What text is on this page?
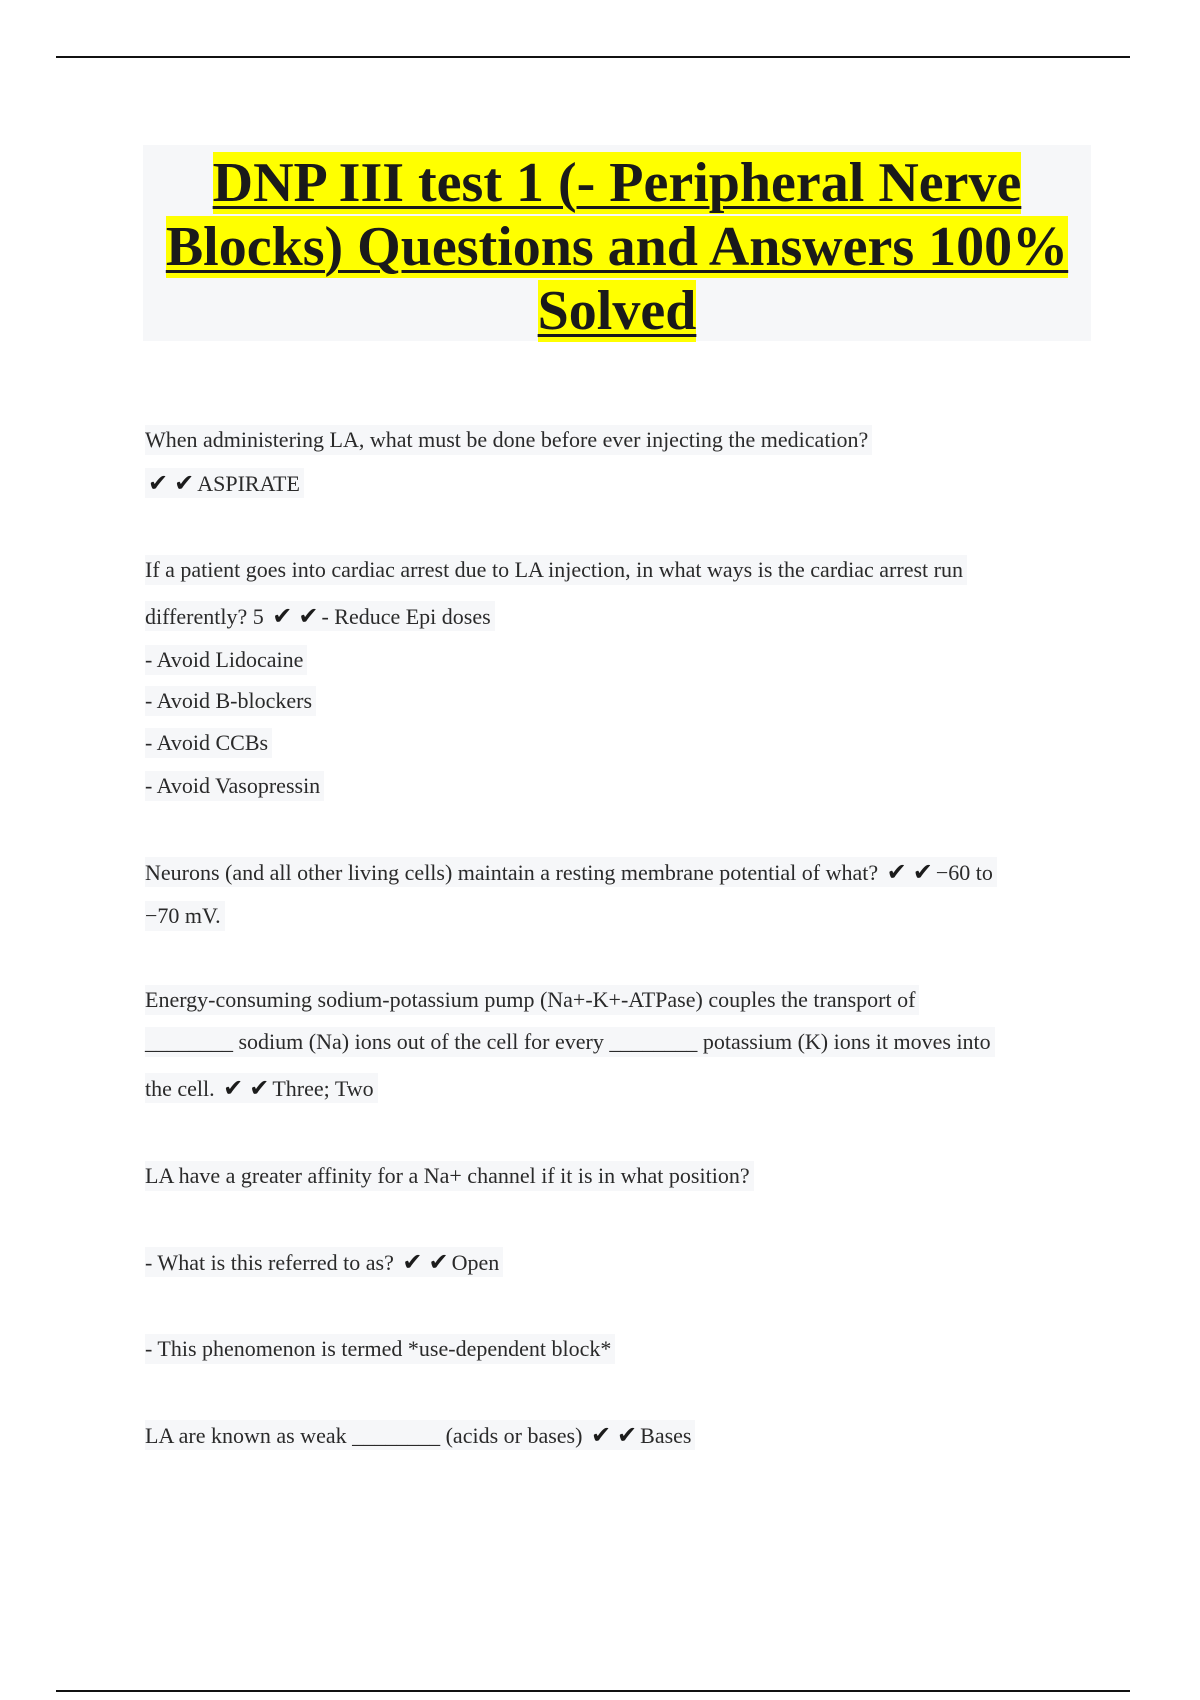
DNP III test 1 (- Peripheral Nerve Blocks) Questions and Answers 100% Solved
When administering LA, what must be done before ever injecting the medication?
✔ ✔ ASPIRATE
If a patient goes into cardiac arrest due to LA injection, in what ways is the cardiac arrest run
differently? 5 ✔ ✔ - Reduce Epi doses
- Avoid Lidocaine
- Avoid B-blockers
- Avoid CCBs
- Avoid Vasopressin
Neurons (and all other living cells) maintain a resting membrane potential of what? ✔ ✔ −60 to
−70 mV.
Energy-consuming sodium-potassium pump (Na+-K+-ATPase) couples the transport of
________ sodium (Na) ions out of the cell for every ________ potassium (K) ions it moves into
the cell. ✔ ✔ Three; Two
LA have a greater affinity for a Na+ channel if it is in what position?
- What is this referred to as? ✔ ✔ Open
- This phenomenon is termed *use-dependent block*
LA are known as weak ________ (acids or bases) ✔ ✔ Bases
